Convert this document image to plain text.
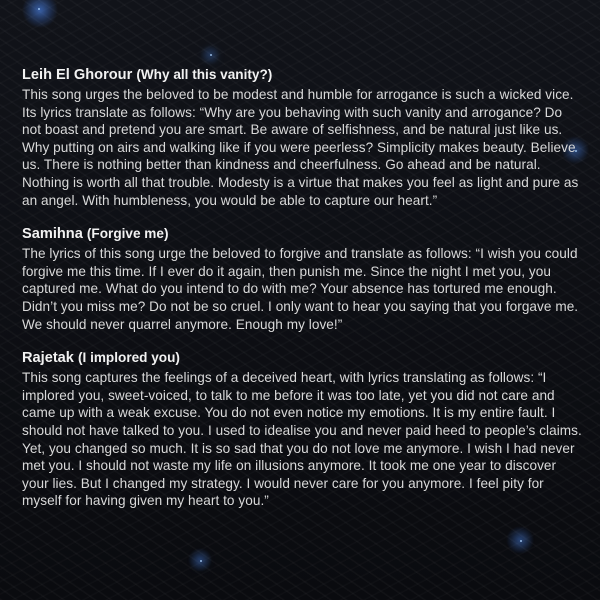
Leih El Ghorour (Why all this vanity?)

This song urges the beloved to be modest and humble for arrogance is such a wicked vice. Its lyrics translate as follows: “Why are you behaving with such vanity and arrogance? Do not boast and pretend you are smart. Be aware of selfishness, and be natural just like us. Why putting on airs and walking like if you were peerless? Simplicity makes beauty. Believe us. There is nothing better than kindness and cheerfulness. Go ahead and be natural. Nothing is worth all that trouble. Modesty is a virtue that makes you feel as light and pure as an angel. With humbleness, you would be able to capture our heart.”

Samihna (Forgive me)

The lyrics of this song urge the beloved to forgive and translate as follows: “I wish you could forgive me this time. If I ever do it again, then punish me. Since the night I met you, you captured me. What do you intend to do with me? Your absence has tortured me enough. Didn’t you miss me? Do not be so cruel. I only want to hear you saying that you forgave me. We should never quarrel anymore. Enough my love!”

Rajetak (I implored you)

This song captures the feelings of a deceived heart, with lyrics translating as follows: “I implored you, sweet-voiced, to talk to me before it was too late, yet you did not care and came up with a weak excuse. You do not even notice my emotions. It is my entire fault. I should not have talked to you. I used to idealise you and never paid heed to people’s claims. Yet, you changed so much. It is so sad that you do not love me anymore. I wish I had never met you. I should not waste my life on illusions anymore. It took me one year to discover your lies. But I changed my strategy. I would never care for you anymore. I feel pity for myself for having given my heart to you.”
